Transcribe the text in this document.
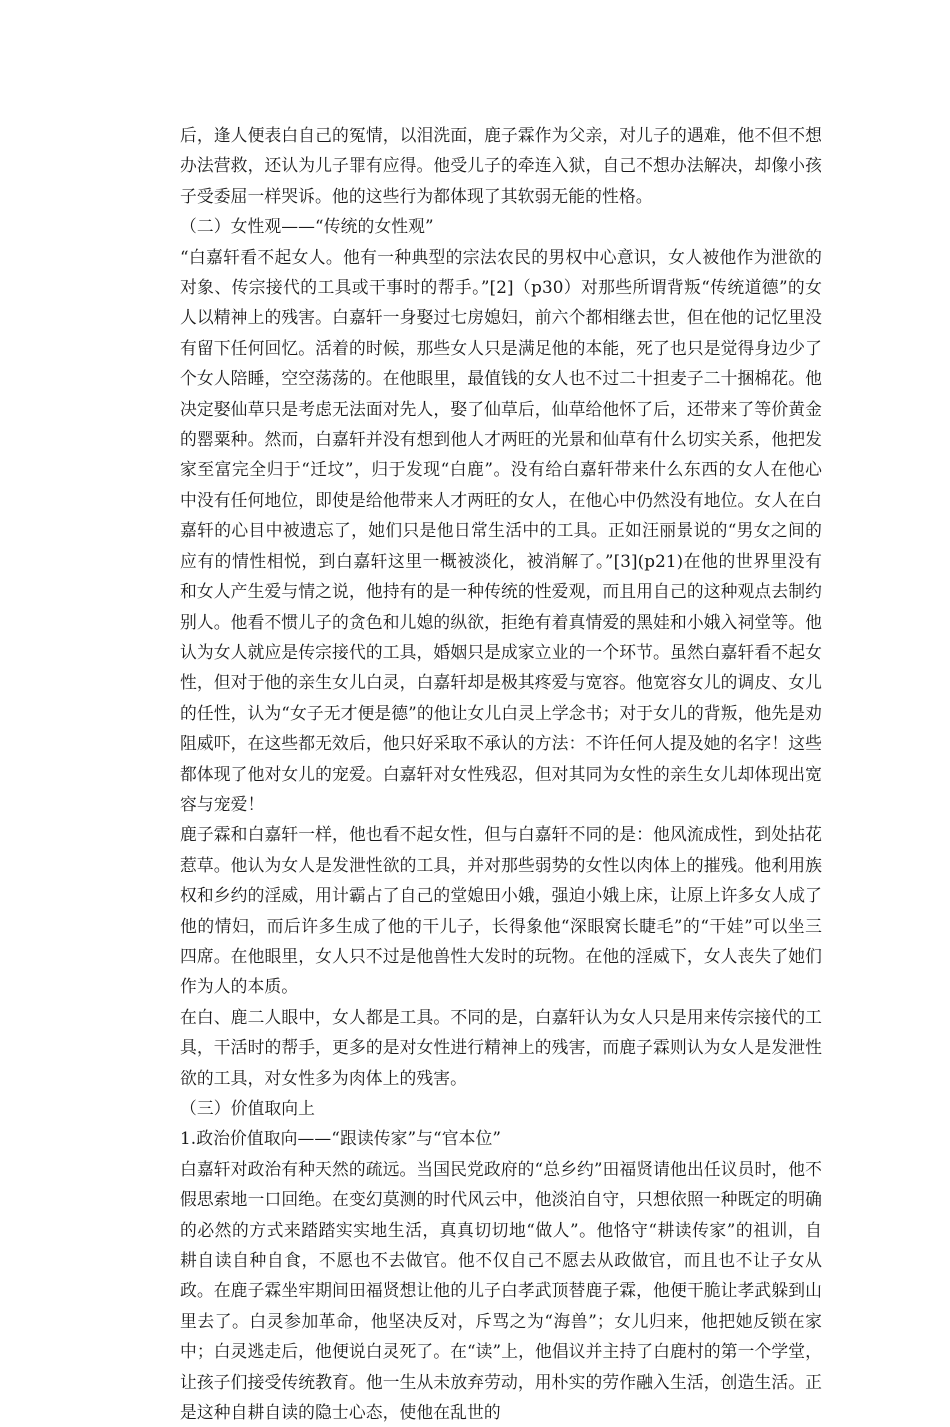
后，逢人便表白自己的冤情，以泪洗面，鹿子霖作为父亲，对儿子的遇难，他不但不想办法营救，还认为儿子罪有应得。他受儿子的牵连入狱，自己不想办法解决，却像小孩子受委屈一样哭诉。他的这些行为都体现了其软弱无能的性格。

（二）女性观——“传统的女性观”

“白嘉轩看不起女人。他有一种典型的宗法农民的男权中心意识，女人被他作为泄欲的对象、传宗接代的工具或干事时的帮手。”[2]（p30）对那些所谓背叛“传统道德”的女人以精神上的残害。白嘉轩一身娶过七房媳妇，前六个都相继去世，但在他的记忆里没有留下任何回忆。活着的时候，那些女人只是满足他的本能，死了也只是觉得身边少了个女人陪睡，空空荡荡的。在他眼里，最值钱的女人也不过二十担麦子二十捆棉花。他决定娶仙草只是考虑无法面对先人，娶了仙草后，仙草给他怀了后，还带来了等价黄金的罂粟种。然而，白嘉轩并没有想到他人才两旺的光景和仙草有什么切实关系，他把发家至富完全归于“迁坟”，归于发现“白鹿”。没有给白嘉轩带来什么东西的女人在他心中没有任何地位，即使是给他带来人才两旺的女人，在他心中仍然没有地位。女人在白嘉轩的心目中被遗忘了，她们只是他日常生活中的工具。正如汪丽景说的“男女之间的应有的情性相悦，到白嘉轩这里一概被淡化，被消解了。”[3](p21)在他的世界里没有和女人产生爱与情之说，他持有的是一种传统的性爱观，而且用自己的这种观点去制约别人。他看不惯儿子的贪色和儿媳的纵欲，拒绝有着真情爱的黑娃和小娥入祠堂等。他认为女人就应是传宗接代的工具，婚姻只是成家立业的一个环节。虽然白嘉轩看不起女性，但对于他的亲生女儿白灵，白嘉轩却是极其疼爱与宽容。他宽容女儿的调皮、女儿的任性，认为“女子无才便是德”的他让女儿白灵上学念书；对于女儿的背叛，他先是劝阻威吓，在这些都无效后，他只好采取不承认的方法：不许任何人提及她的名字！这些都体现了他对女儿的宠爱。白嘉轩对女性残忍，但对其同为女性的亲生女儿却体现出宽容与宠爱！

鹿子霖和白嘉轩一样，他也看不起女性，但与白嘉轩不同的是：他风流成性，到处拈花惹草。他认为女人是发泄性欲的工具，并对那些弱势的女性以肉体上的摧残。他利用族权和乡约的淫威，用计霸占了自己的堂媳田小娥，强迫小娥上床，让原上许多女人成了他的情妇，而后许多生成了他的干儿子，长得象他“深眼窝长睫毛”的“干娃”可以坐三四席。在他眼里，女人只不过是他兽性大发时的玩物。在他的淫威下，女人丧失了她们作为人的本质。

在白、鹿二人眼中，女人都是工具。不同的是，白嘉轩认为女人只是用来传宗接代的工具，干活时的帮手，更多的是对女性进行精神上的残害，而鹿子霖则认为女人是发泄性欲的工具，对女性多为肉体上的残害。

（三）价值取向上

1.政治价值取向——“跟读传家”与“官本位”

白嘉轩对政治有种天然的疏远。当国民党政府的“总乡约”田福贤请他出任议员时，他不假思索地一口回绝。在变幻莫测的时代风云中，他淡泊自守，只想依照一种既定的明确的必然的方式来踏踏实实地生活，真真切切地“做人”。他恪守“耕读传家”的祖训，自耕自读自种自食，不愿也不去做官。他不仅自己不愿去从政做官，而且也不让子女从政。在鹿子霖坐牢期间田福贤想让他的儿子白孝武顶替鹿子霖，他便干脆让孝武躲到山里去了。白灵参加革命，他坚决反对，斥骂之为“海兽”；女儿归来，他把她反锁在家中；白灵逃走后，他便说白灵死了。在“读”上，他倡议并主持了白鹿村的第一个学堂，让孩子们接受传统教育。他一生从未放弃劳动，用朴实的劳作融入生活，创造生活。正是这种自耕自读的隐士心态，使他在乱世的
